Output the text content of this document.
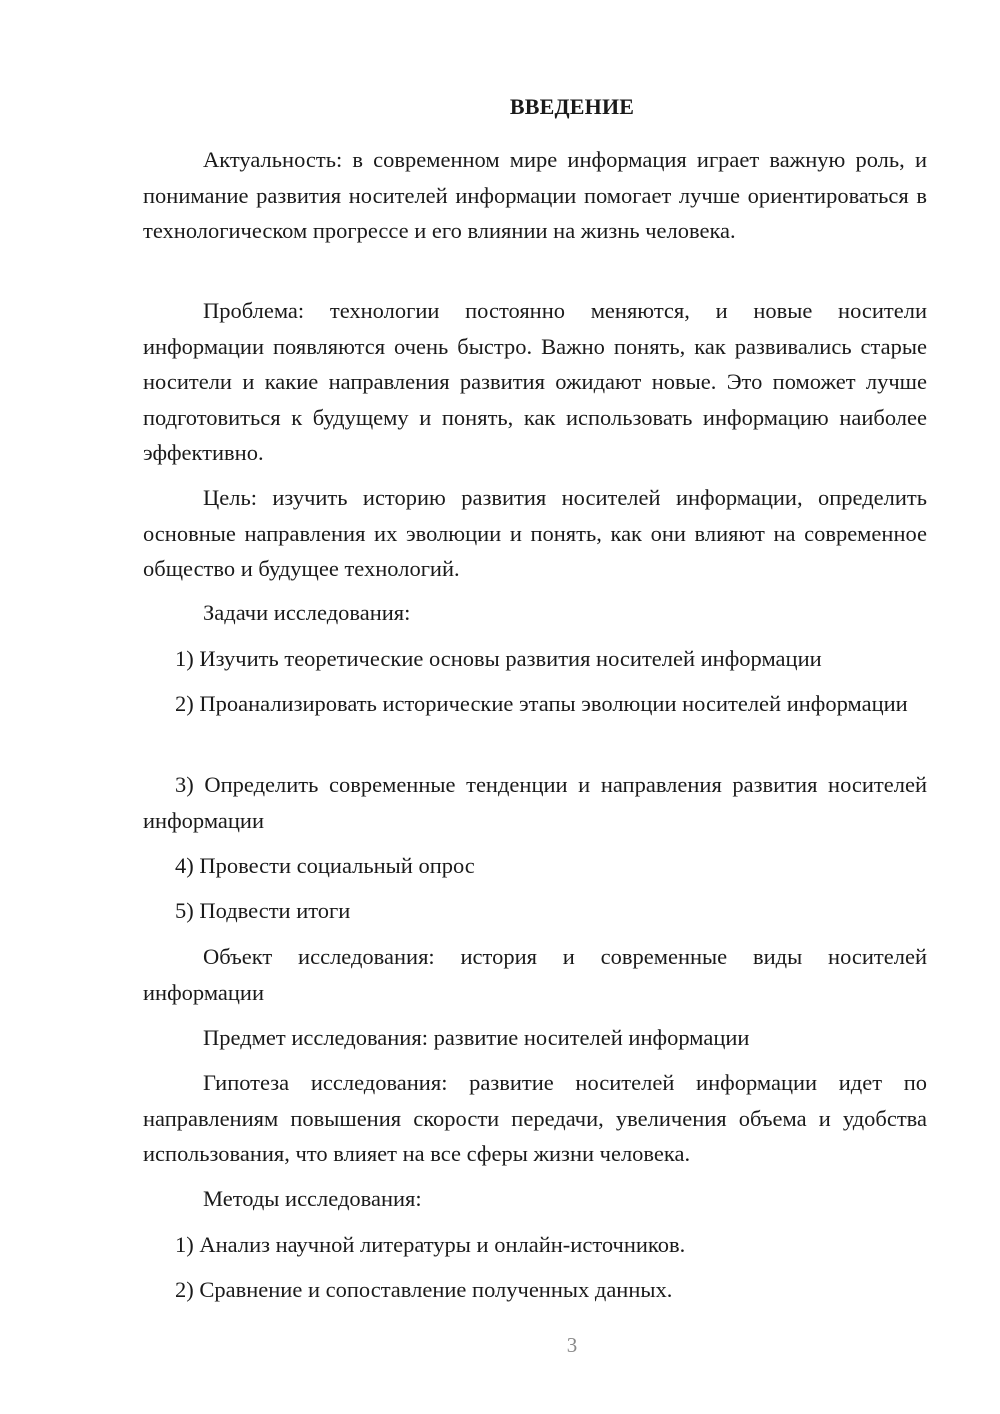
ВВЕДЕНИЕ

Актуальность: в современном мире информация играет важную роль, и понимание развития носителей информации помогает лучше ориентироваться в технологическом прогрессе и его влиянии на жизнь человека.

Проблема: технологии постоянно меняются, и новые носители информации появляются очень быстро. Важно понять, как развивались старые носители и какие направления развития ожидают новые. Это поможет лучше подготовиться к будущему и понять, как использовать информацию наиболее эффективно.

Цель: изучить историю развития носителей информации, определить основные направления их эволюции и понять, как они влияют на современное общество и будущее технологий.

Задачи исследования:

1) Изучить теоретические основы развития носителей информации

2) Проанализировать исторические этапы эволюции носителей информации

3) Определить современные тенденции и направления развития носителей информации

4) Провести социальный опрос

5) Подвести итоги

Объект исследования: история и современные виды носителей информации

Предмет исследования: развитие носителей информации

Гипотеза исследования: развитие носителей информации идет по направлениям повышения скорости передачи, увеличения объема и удобства использования, что влияет на все сферы жизни человека.

Методы исследования:

1) Анализ научной литературы и онлайн-источников.

2) Сравнение и сопоставление полученных данных.

3
